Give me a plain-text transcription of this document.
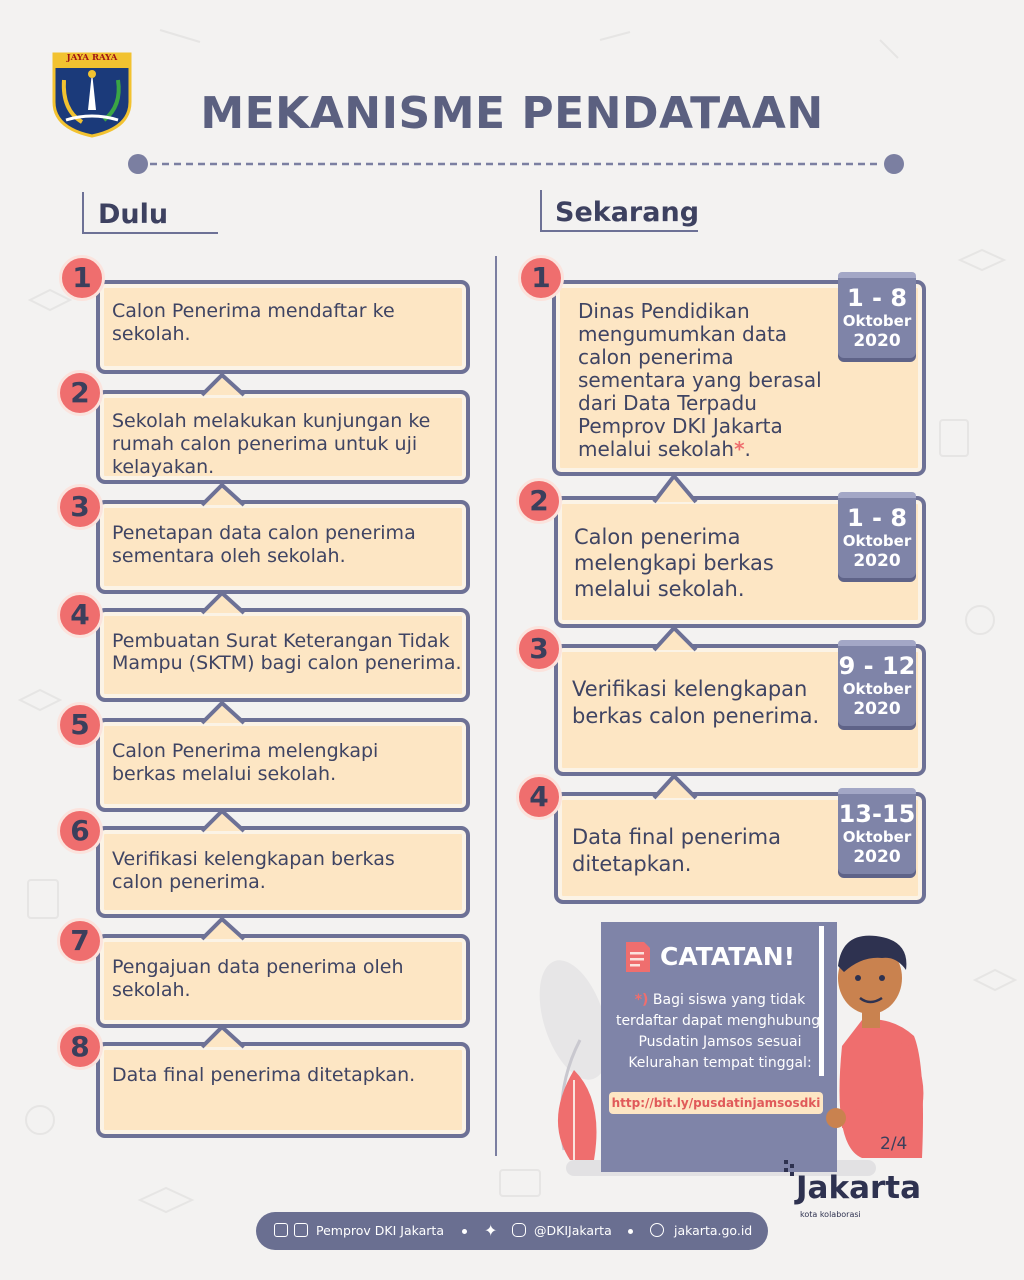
JAYA RAYA
MEKANISME PENDATAAN
Dulu	Sekarang
Calon Penerima mendaftar ke sekolah.
1
Sekolah melakukan kunjungan ke rumah calon penerima untuk uji kelayakan.
2
Penetapan data calon penerima sementara oleh sekolah.
3
Pembuatan Surat Keterangan Tidak Mampu (SKTM) bagi calon penerima.
4
Calon Penerima melengkapi berkas melalui sekolah.
5
Verifikasi kelengkapan berkas calon penerima.
6
Pengajuan data penerima oleh sekolah.
7
Data final penerima ditetapkan.
8
Dinas Pendidikan mengumumkan data calon penerima sementara yang berasal dari Data Terpadu Pemprov DKI Jakarta melalui sekolah*.
1 - 8
Oktober
2020
1
Calon penerima melengkapi berkas melalui sekolah.
1 - 8
Oktober
2020
2
Verifikasi kelengkapan berkas calon penerima.
9 - 12
Oktober
2020
3
Data final penerima ditetapkan.
13-15
Oktober
2020
4
CATATAN!
*) Bagi siswa yang tidak terdaftar dapat menghubungi Pusdatin Jamsos sesuai Kelurahan tempat tinggal:
http://bit.ly/pusdatinjamsosdki
2/4
Jakarta
kota kolaborasi
Pemprov DKI Jakarta	✦	@DKIJakarta	jakarta.go.id
